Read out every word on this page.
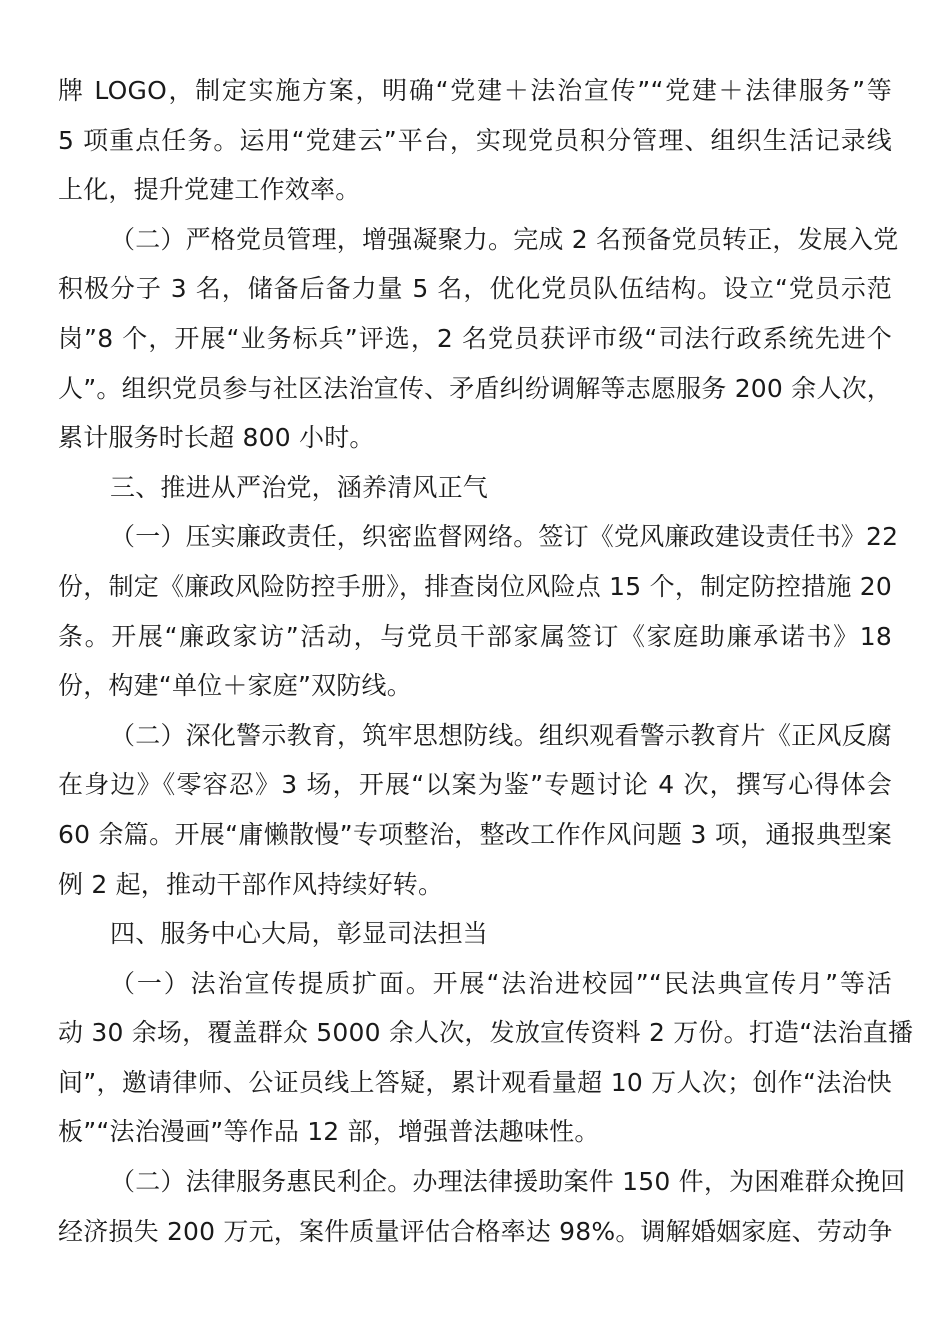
牌 LOGO，制定实施方案，明确“党建＋法治宣传”“党建＋法律服务”等
5 项重点任务。运用“党建云”平台，实现党员积分管理、组织生活记录线
上化，提升党建工作效率。
（二）严格党员管理，增强凝聚力。完成 2 名预备党员转正，发展入党
积极分子 3 名，储备后备力量 5 名，优化党员队伍结构。设立“党员示范
岗”8 个，开展“业务标兵”评选，2 名党员获评市级“司法行政系统先进个
人”。组织党员参与社区法治宣传、矛盾纠纷调解等志愿服务 200 余人次，
累计服务时长超 800 小时。
三、推进从严治党，涵养清风正气
（一）压实廉政责任，织密监督网络。签订《党风廉政建设责任书》22
份，制定《廉政风险防控手册》，排查岗位风险点 15 个，制定防控措施 20
条。开展“廉政家访”活动，与党员干部家属签订《家庭助廉承诺书》18
份，构建“单位＋家庭”双防线。
（二）深化警示教育，筑牢思想防线。组织观看警示教育片《正风反腐
在身边》《零容忍》3 场，开展“以案为鉴”专题讨论 4 次，撰写心得体会
60 余篇。开展“庸懒散慢”专项整治，整改工作作风问题 3 项，通报典型案
例 2 起，推动干部作风持续好转。
四、服务中心大局，彰显司法担当
（一）法治宣传提质扩面。开展“法治进校园”“民法典宣传月”等活
动 30 余场，覆盖群众 5000 余人次，发放宣传资料 2 万份。打造“法治直播
间”，邀请律师、公证员线上答疑，累计观看量超 10 万人次；创作“法治快
板”“法治漫画”等作品 12 部，增强普法趣味性。
（二）法律服务惠民利企。办理法律援助案件 150 件，为困难群众挽回
经济损失 200 万元，案件质量评估合格率达 98%。调解婚姻家庭、劳动争
